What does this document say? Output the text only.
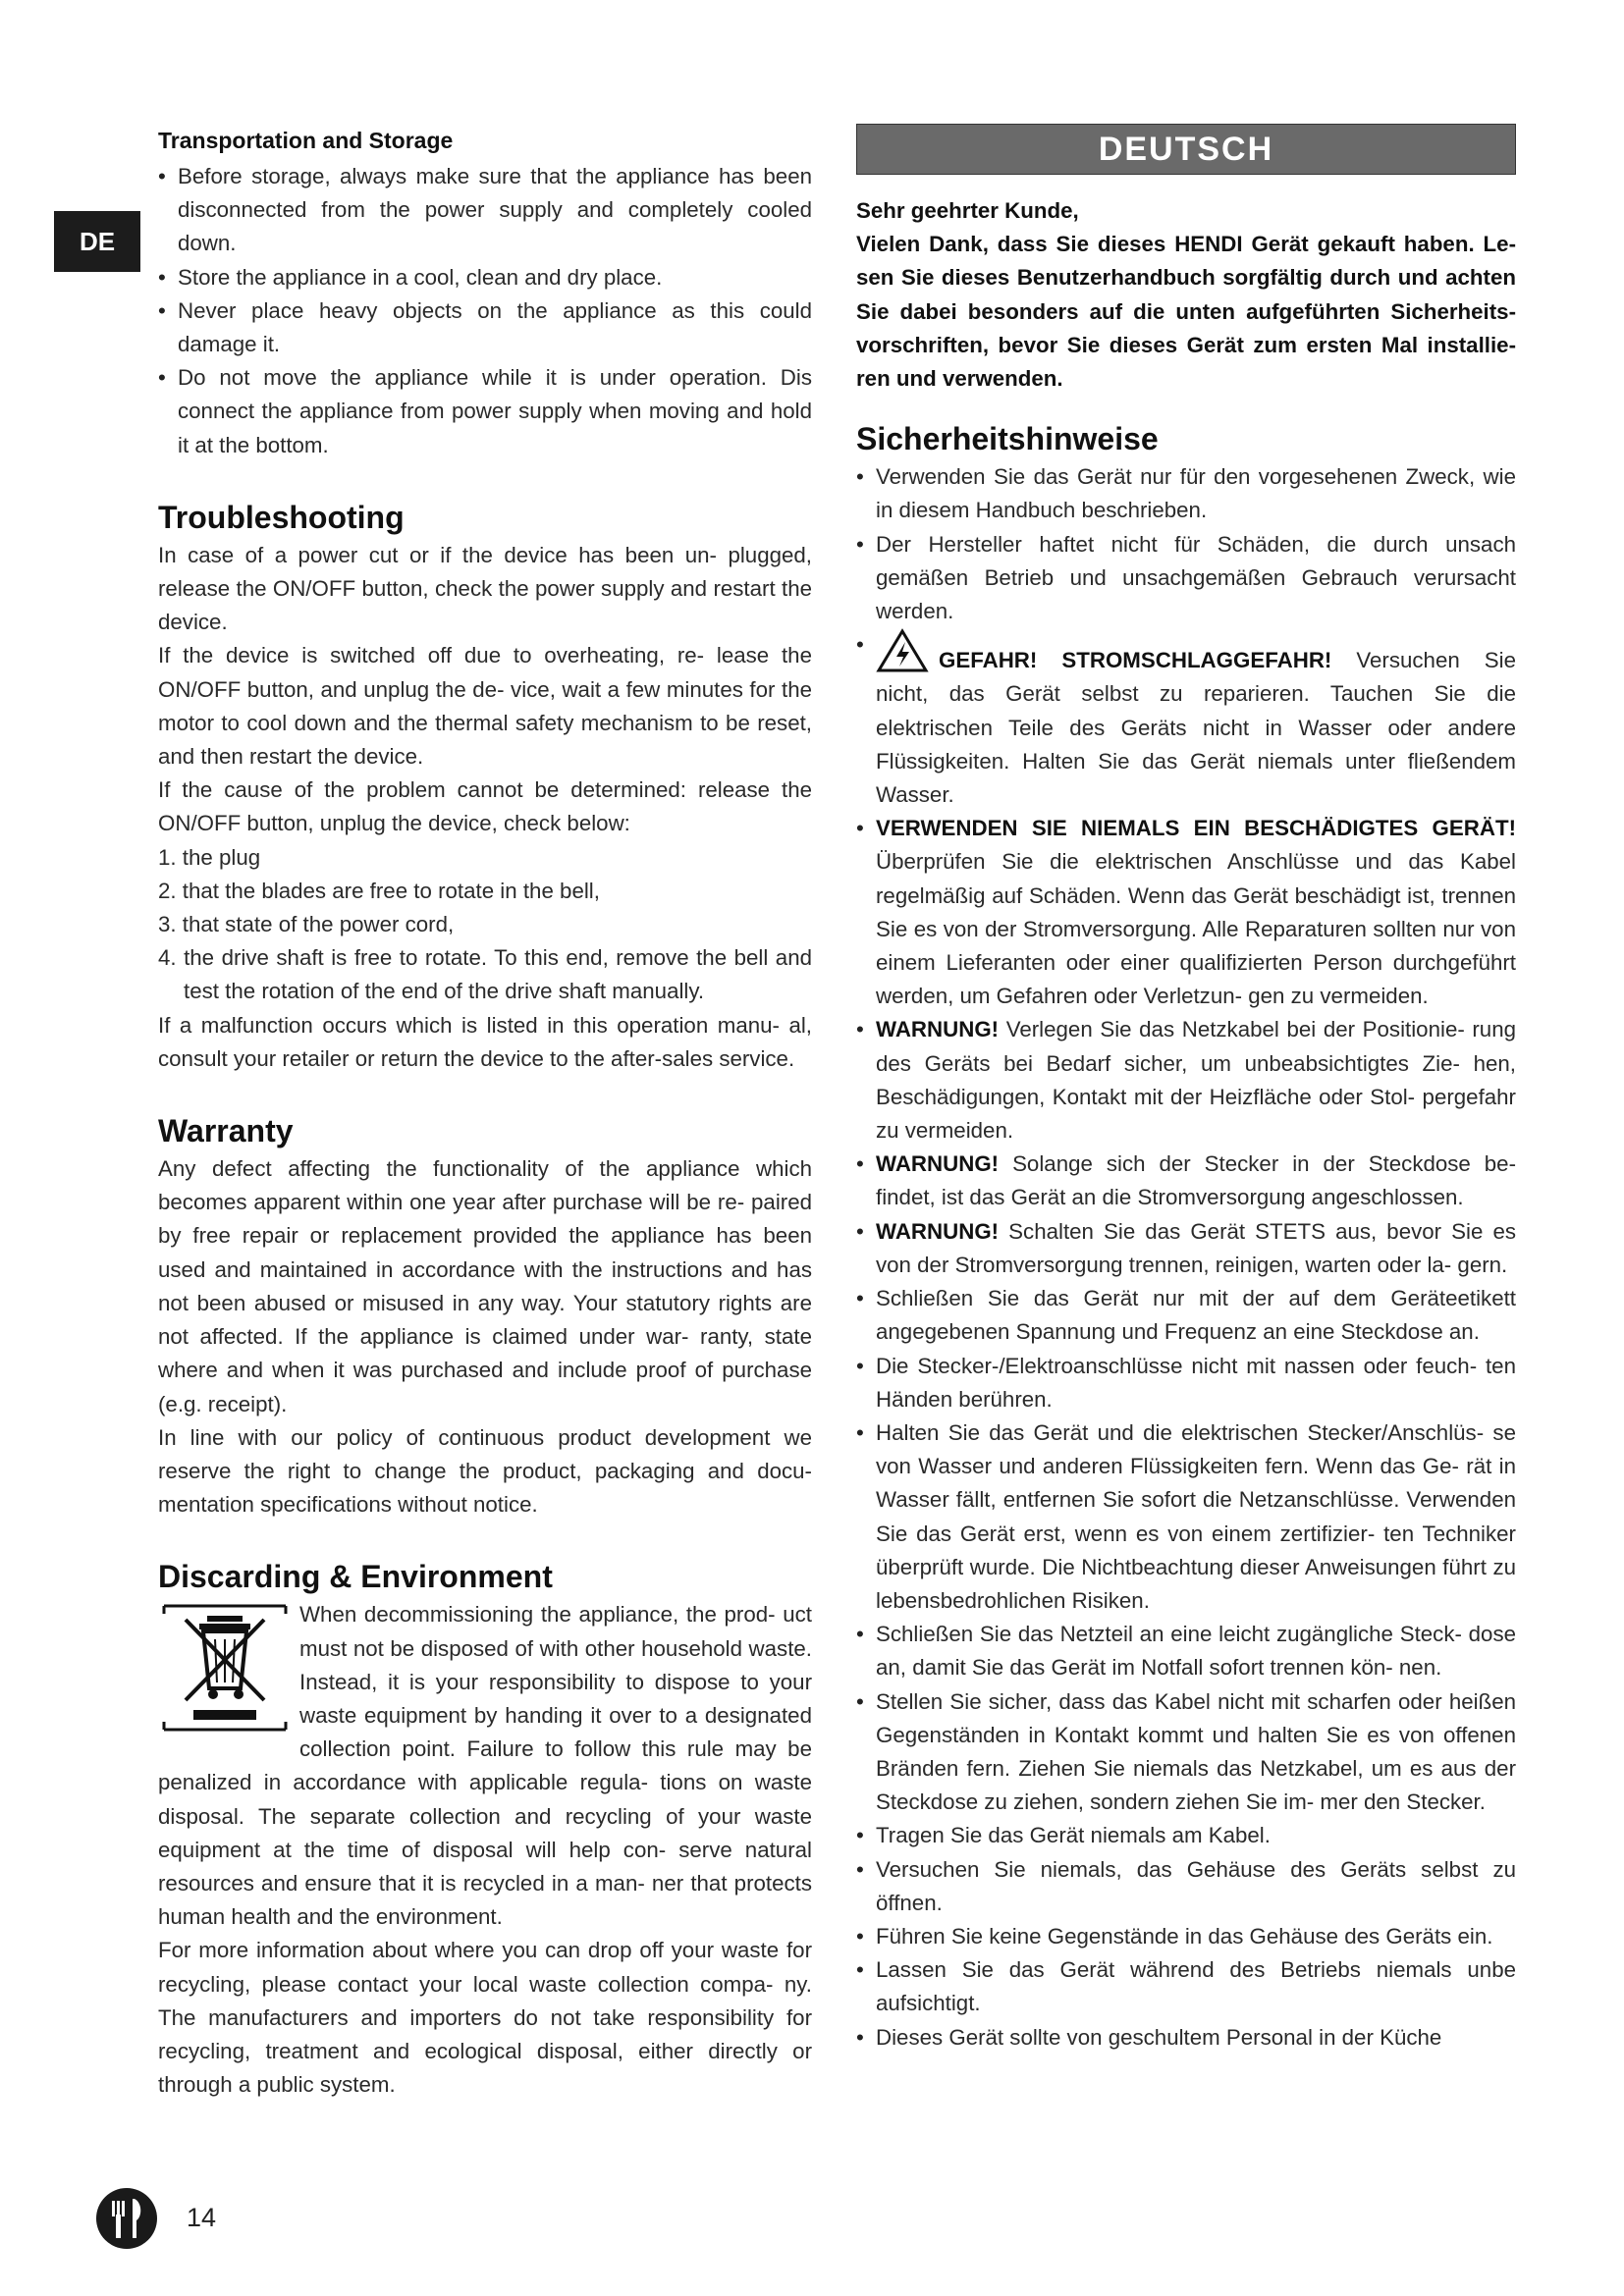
DE
Transportation and Storage
• Before storage, always make sure that the appliance has been disconnected from the power supply and completely cooled down.
• Store the appliance in a cool, clean and dry place.
• Never place heavy objects on the appliance as this could damage it.
• Do not move the appliance while it is under operation. Dis connect the appliance from power supply when moving and hold it at the bottom.
Troubleshooting

In case of a power cut or if the device has been un- plugged, release the ON/OFF button, check the power supply and restart the device.

If the device is switched off due to overheating, re- lease the ON/OFF button, and unplug the de- vice, wait a few minutes for the motor to cool down and the thermal safety mechanism to be reset, and then restart the device.

If the cause of the problem cannot be determined: release the ON/OFF button, unplug the device, check below:

1. the plug
2. that the blades are free to rotate in the bell,
3. that state of the power cord,
4. the drive shaft is free to rotate. To this end, remove the bell and test the rotation of the end of the drive shaft manually.

If a malfunction occurs which is listed in this operation manu- al, consult your retailer or return the device to the after-sales service.

Warranty

Any defect affecting the functionality of the appliance which becomes apparent within one year after purchase will be re- paired by free repair or replacement provided the appliance has been used and maintained in accordance with the instructions and has not been abused or misused in any way. Your statutory rights are not affected. If the appliance is claimed under war- ranty, state where and when it was purchased and include proof of purchase (e.g. receipt).

In line with our policy of continuous product development we reserve the right to change the product, packaging and docu- mentation specifications without notice.

Discarding & Environment

When decommissioning the appliance, the prod- uct must not be disposed of with other household waste. Instead, it is your responsibility to dispose to your waste equipment by handing it over to a designated collection point. Failure to follow this rule may be penalized in accordance with applicable regula- tions on waste disposal. The separate collection and recycling of your waste equipment at the time of disposal will help con- serve natural resources and ensure that it is recycled in a man- ner that protects human health and the environment.

For more information about where you can drop off your waste for recycling, please contact your local waste collection compa- ny. The manufacturers and importers do not take responsibility for recycling, treatment and ecological disposal, either directly or through a public system.

DEUTSCH

Sehr geehrter Kunde,

Vielen Dank, dass Sie dieses HENDI Gerät gekauft haben. Le- sen Sie dieses Benutzerhandbuch sorgfältig durch und achten Sie dabei besonders auf die unten aufgeführten Sicherheits- vorschriften, bevor Sie dieses Gerät zum ersten Mal installie- ren und verwenden.

Sicherheitshinweise
• Verwenden Sie das Gerät nur für den vorgesehenen Zweck, wie in diesem Handbuch beschrieben.
• Der Hersteller haftet nicht für Schäden, die durch unsach gemäßen Betrieb und unsachgemäßen Gebrauch verursacht werden.
• GEFAHR! STROMSCHLAGGEFAHR! Versuchen Sie nicht, das Gerät selbst zu reparieren. Tauchen Sie die elektrischen Teile des Geräts nicht in Wasser oder andere Flüssigkeiten. Halten Sie das Gerät niemals unter fließendem Wasser.
• VERWENDEN SIE NIEMALS EIN BESCHÄDIGTES GERÄT! Überprüfen Sie die elektrischen Anschlüsse und das Kabel regelmäßig auf Schäden. Wenn das Gerät beschädigt ist, trennen Sie es von der Stromversorgung. Alle Reparaturen sollten nur von einem Lieferanten oder einer qualifizierten Person durchgeführt werden, um Gefahren oder Verletzun- gen zu vermeiden.
• WARNUNG! Verlegen Sie das Netzkabel bei der Positionie- rung des Geräts bei Bedarf sicher, um unbeabsichtigtes Zie- hen, Beschädigungen, Kontakt mit der Heizfläche oder Stol- pergefahr zu vermeiden.
• WARNUNG! Solange sich der Stecker in der Steckdose be- findet, ist das Gerät an die Stromversorgung angeschlossen.
• WARNUNG! Schalten Sie das Gerät STETS aus, bevor Sie es von der Stromversorgung trennen, reinigen, warten oder la- gern.
• Schließen Sie das Gerät nur mit der auf dem Geräteetikett angegebenen Spannung und Frequenz an eine Steckdose an.
• Die Stecker-/Elektroanschlüsse nicht mit nassen oder feuch- ten Händen berühren.
• Halten Sie das Gerät und die elektrischen Stecker/Anschlüs- se von Wasser und anderen Flüssigkeiten fern. Wenn das Ge- rät in Wasser fällt, entfernen Sie sofort die Netzanschlüsse. Verwenden Sie das Gerät erst, wenn es von einem zertifizier- ten Techniker überprüft wurde. Die Nichtbeachtung dieser Anweisungen führt zu lebensbedrohlichen Risiken.
• Schließen Sie das Netzteil an eine leicht zugängliche Steck- dose an, damit Sie das Gerät im Notfall sofort trennen kön- nen.
• Stellen Sie sicher, dass das Kabel nicht mit scharfen oder heißen Gegenständen in Kontakt kommt und halten Sie es von offenen Bränden fern. Ziehen Sie niemals das Netzkabel, um es aus der Steckdose zu ziehen, sondern ziehen Sie im- mer den Stecker.
• Tragen Sie das Gerät niemals am Kabel.
• Versuchen Sie niemals, das Gehäuse des Geräts selbst zu öffnen.
• Führen Sie keine Gegenstände in das Gehäuse des Geräts ein.
• Lassen Sie das Gerät während des Betriebs niemals unbe aufsichtigt.
• Dieses Gerät sollte von geschultem Personal in der Küche
14
